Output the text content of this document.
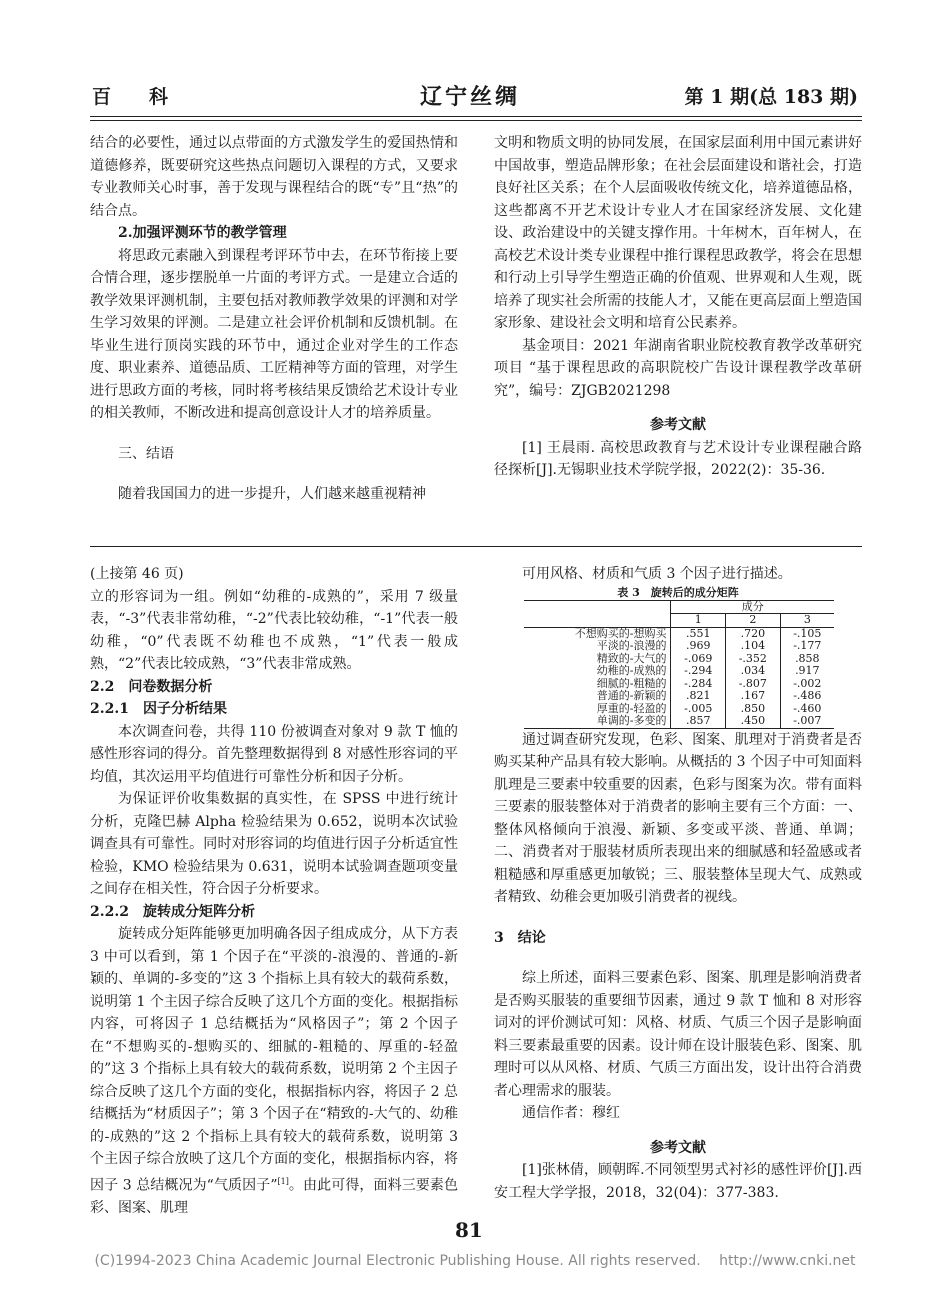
百　　科	辽宁丝绸	第 1 期(总 183 期)

结合的必要性，通过以点带面的方式激发学生的爱国热情和道德修养，既要研究这些热点问题切入课程的方式，又要求专业教师关心时事，善于发现与课程结合的既“专”且“热”的结合点。

2.加强评测环节的教学管理

将思政元素融入到课程考评环节中去，在环节衔接上要合情合理，逐步摆脱单一片面的考评方式。一是建立合适的教学效果评测机制，主要包括对教师教学效果的评测和对学生学习效果的评测。二是建立社会评价机制和反馈机制。在毕业生进行顶岗实践的环节中，通过企业对学生的工作态度、职业素养、道德品质、工匠精神等方面的管理，对学生进行思政方面的考核，同时将考核结果反馈给艺术设计专业的相关教师，不断改进和提高创意设计人才的培养质量。

三、结语

随着我国国力的进一步提升，人们越来越重视精神

文明和物质文明的协同发展，在国家层面利用中国元素讲好中国故事，塑造品牌形象；在社会层面建设和谐社会，打造良好社区关系；在个人层面吸收传统文化，培养道德品格，这些都离不开艺术设计专业人才在国家经济发展、文化建设、政治建设中的关键支撑作用。十年树木，百年树人，在高校艺术设计类专业课程中推行课程思政教学，将会在思想和行动上引导学生塑造正确的价值观、世界观和人生观，既培养了现实社会所需的技能人才，又能在更高层面上塑造国家形象、建设社会文明和培育公民素养。

基金项目：2021 年湖南省职业院校教育教学改革研究项目 “基于课程思政的高职院校广告设计课程教学改革研究”，编号：ZJGB2021298

参考文献

[1] 王晨雨. 高校思政教育与艺术设计专业课程融合路径探析[J].无锡职业技术学院学报，2022(2)：35-36.

(上接第 46 页)

立的形容词为一组。例如“幼稚的-成熟的”，采用 7 级量表，“-3”代表非常幼稚，“-2”代表比较幼稚，“-1”代表一般幼稚，“0”代表既不幼稚也不成熟，“1”代表一般成熟，“2”代表比较成熟，“3”代表非常成熟。

2.2　问卷数据分析

2.2.1　因子分析结果

本次调查问卷，共得 110 份被调查对象对 9 款 T 恤的感性形容词的得分。首先整理数据得到 8 对感性形容词的平均值，其次运用平均值进行可靠性分析和因子分析。

为保证评价收集数据的真实性，在 SPSS 中进行统计分析，克隆巴赫 Alpha 检验结果为 0.652，说明本次试验调查具有可靠性。同时对形容词的均值进行因子分析适宜性检验，KMO 检验结果为 0.631，说明本试验调查题项变量之间存在相关性，符合因子分析要求。

2.2.2　旋转成分矩阵分析

旋转成分矩阵能够更加明确各因子组成成分，从下方表 3 中可以看到，第 1 个因子在“平淡的-浪漫的、普通的-新颖的、单调的-多变的”这 3 个指标上具有较大的载荷系数，说明第 1 个主因子综合反映了这几个方面的变化。根据指标内容，可将因子 1 总结概括为“风格因子”；第 2 个因子在“不想购买的-想购买的、细腻的-粗糙的、厚重的-轻盈的”这 3 个指标上具有较大的载荷系数，说明第 2 个主因子综合反映了这几个方面的变化，根据指标内容，将因子 2 总结概括为“材质因子”；第 3 个因子在“精致的-大气的、幼稚的-成熟的”这 2 个指标上具有较大的载荷系数，说明第 3 个主因子综合放映了这几个方面的变化，根据指标内容，将因子 3 总结概况为“气质因子”[1]。由此可得，面料三要素色彩、图案、肌理

可用风格、材质和气质 3 个因子进行描述。

表 3　旋转后的成分矩阵

	成分		
	1	2	3
不想购买的-想购买	.551	.720	-.105
平淡的-浪漫的	.969	.104	-.177
精致的-大气的	-.069	-.352	.858
幼稚的-成熟的	-.294	.034	.917
细腻的-粗糙的	-.284	-.807	-.002
普通的-新颖的	.821	.167	-.486
厚重的-轻盈的	-.005	.850	-.460
单调的-多变的	.857	.450	-.007

通过调查研究发现，色彩、图案、肌理对于消费者是否购买某种产品具有较大影响。从概括的 3 个因子中可知面料肌理是三要素中较重要的因素，色彩与图案为次。带有面料三要素的服装整体对于消费者的影响主要有三个方面：一、整体风格倾向于浪漫、新颖、多变或平淡、普通、单调；二、消费者对于服装材质所表现出来的细腻感和轻盈感或者粗糙感和厚重感更加敏锐；三、服装整体呈现大气、成熟或者精致、幼稚会更加吸引消费者的视线。

3　结论

综上所述，面料三要素色彩、图案、肌理是影响消费者是否购买服装的重要细节因素，通过 9 款 T 恤和 8 对形容词对的评价测试可知：风格、材质、气质三个因子是影响面料三要素最重要的因素。设计师在设计服装色彩、图案、肌理时可以从风格、材质、气质三方面出发，设计出符合消费者心理需求的服装。

通信作者：穆红

参考文献

[1]张林倩，顾朝晖.不同领型男式衬衫的感性评价[J].西安工程大学学报，2018，32(04)：377-383.

81
(C)1994-2023 China Academic Journal Electronic Publishing House. All rights reserved.　 http://www.cnki.net
